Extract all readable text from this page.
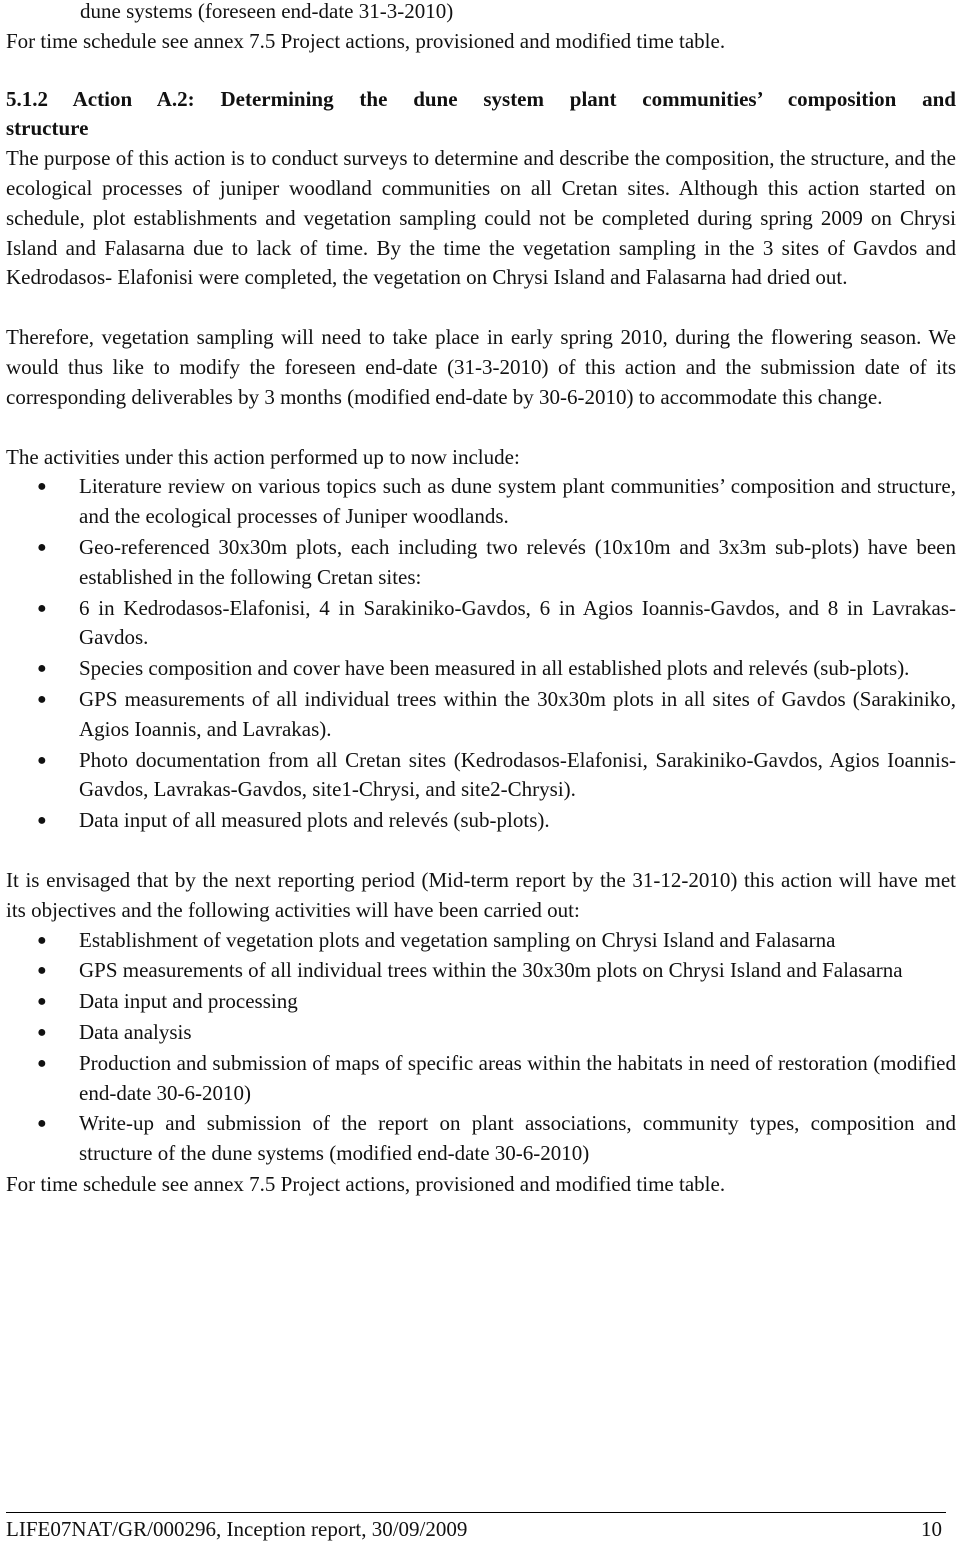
dune systems (foreseen end-date 31-3-2010)

For time schedule see annex 7.5 Project actions, provisioned and modified time table.

5.1.2 Action A.2: Determining the dune system plant communities’ composition and

structure

The purpose of this action is to conduct surveys to determine and describe the composition, the structure, and the ecological processes of juniper woodland communities on all Cretan sites. Although this action started on schedule, plot establishments and vegetation sampling could not be completed during spring 2009 on Chrysi Island and Falasarna due to lack of time. By the time the vegetation sampling in the 3 sites of Gavdos and Kedrodasos- Elafonisi were completed, the vegetation on Chrysi Island and Falasarna had dried out.

Therefore, vegetation sampling will need to take place in early spring 2010, during the flowering season. We would thus like to modify the foreseen end-date (31-3-2010) of this action and the submission date of its corresponding deliverables by 3 months (modified end-date by 30-6-2010) to accommodate this change.

The activities under this action performed up to now include:

● Literature review on various topics such as dune system plant communities’ composition and structure, and the ecological processes of Juniper woodlands.
● Geo-referenced 30x30m plots, each including two relevés (10x10m and 3x3m sub-plots) have been established in the following Cretan sites:
● 6 in Kedrodasos-Elafonisi, 4 in Sarakiniko-Gavdos, 6 in Agios Ioannis-Gavdos, and 8 in Lavrakas-Gavdos.
● Species composition and cover have been measured in all established plots and relevés (sub-plots).
● GPS measurements of all individual trees within the 30x30m plots in all sites of Gavdos (Sarakiniko, Agios Ioannis, and Lavrakas).
● Photo documentation from all Cretan sites (Kedrodasos-Elafonisi, Sarakiniko-Gavdos, Agios Ioannis-Gavdos, Lavrakas-Gavdos, site1-Chrysi, and site2-Chrysi).
● Data input of all measured plots and relevés (sub-plots).

It is envisaged that by the next reporting period (Mid-term report by the 31-12-2010) this action will have met its objectives and the following activities will have been carried out:

● Establishment of vegetation plots and vegetation sampling on Chrysi Island and Falasarna
● GPS measurements of all individual trees within the 30x30m plots on Chrysi Island and Falasarna
● Data input and processing
● Data analysis
● Production and submission of maps of specific areas within the habitats in need of restoration (modified end-date 30-6-2010)
● Write-up and submission of the report on plant associations, community types, composition and structure of the dune systems (modified end-date 30-6-2010)

For time schedule see annex 7.5 Project actions, provisioned and modified time table.

LIFE07NAT/GR/000296, Inception report, 30/09/2009	10
